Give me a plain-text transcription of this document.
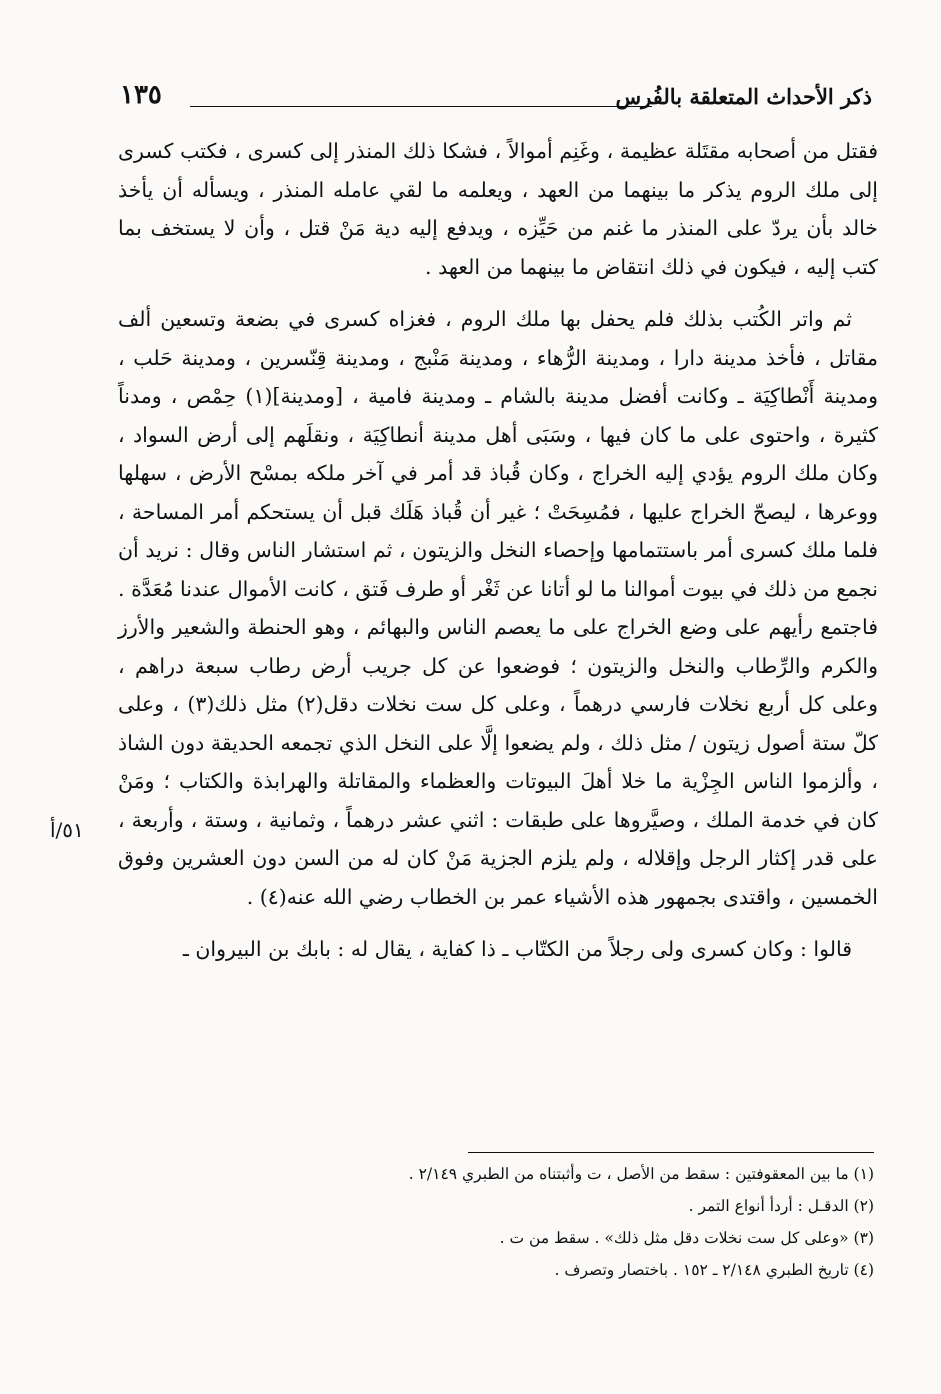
ذكر الأحداث المتعلقة بالفُرس
١٣٥

فقتل من أصحابه مقتَلة عظيمة ، وغَنِم أموالاً ، فشكا ذلك المنذر إلى كسرى ، فكتب كسرى إلى ملك الروم يذكر ما بينهما من العهد ، ويعلمه ما لقي عامله المنذر ، ويسأله أن يأخذ خالد بأن يردّ على المنذر ما غنم من حَيِّزه ، ويدفع إليه دية مَنْ قتل ، وأن لا يستخف بما كتب إليه ، فيكون في ذلك انتقاض ما بينهما من العهد .

ثم واتر الكُتب بذلك فلم يحفل بها ملك الروم ، فغزاه كسرى في بضعة وتسعين ألف مقاتل ، فأخذ مدينة دارا ، ومدينة الرُّهاء ، ومدينة مَنْبج ، ومدينة قِنّسرين ، ومدينة حَلب ، ومدينة أَنْطاكِيَة ـ وكانت أفضل مدينة بالشام ـ ومدينة فامية ، [ومدينة](١) حِمْص ، ومدناً كثيرة ، واحتوى على ما كان فيها ، وسَبَى أهل مدينة أنطاكِيَة ، ونقلَهم إلى أرض السواد ، وكان ملك الروم يؤدي إليه الخراج ، وكان قُباذ قد أمر في آخر ملكه بمسْح الأرض ، سهلها ووعرها ، ليصحّ الخراج عليها ، فمُسِحَتْ ؛ غير أن قُباذ هَلَك قبل أن يستحكم أمر المساحة ، فلما ملك كسرى أمر باستتمامها وإحصاء النخل والزيتون ، ثم استشار الناس وقال : نريد أن نجمع من ذلك في بيوت أموالنا ما لو أتانا عن ثَغْر أو طرف فَتق ، كانت الأموال عندنا مُعَدَّة . فاجتمع رأيهم على وضع الخراج على ما يعصم الناس والبهائم ، وهو الحنطة والشعير والأرز والكرم والرِّطاب والنخل والزيتون ؛ فوضعوا عن كل جريب أرض رطاب سبعة دراهم ، وعلى كل أربع نخلات فارسي درهماً ، وعلى كل ست نخلات دقل(٢) مثل ذلك(٣) ، وعلى كلّ ستة أصول زيتون / مثل ذلك ، ولم يضعوا إلَّا على النخل الذي تجمعه الحديقة دون الشاذ ، وألزموا الناس الجِزْية ما خلا أهلَ البيوتات والعظماء والمقاتلة والهرابذة والكتاب ؛ ومَنْ كان في خدمة الملك ، وصيَّروها على طبقات : اثني عشر درهماً ، وثمانية ، وستة ، وأربعة ، على قدر إكثار الرجل وإقلاله ، ولم يلزم الجزية مَنْ كان له من السن دون العشرين وفوق الخمسين ، واقتدى بجمهور هذه الأشياء عمر بن الخطاب رضي الله عنه(٤) .

قالوا : وكان كسرى ولى رجلاً من الكتّاب ـ ذا كفاية ، يقال له : بابك بن البيروان ـ

٥١/أ

(١) ما بين المعقوفتين : سقط من الأصل ، ت وأثبتناه من الطبري ٢/١٤٩ .

(٢) الدقـل : أردأ أنواع التمر .

(٣) «وعلى كل ست نخلات دقل مثل ذلك» . سقط من ت .

(٤) تاريخ الطبري ٢/١٤٨ ـ ١٥٢ . باختصار وتصرف .
